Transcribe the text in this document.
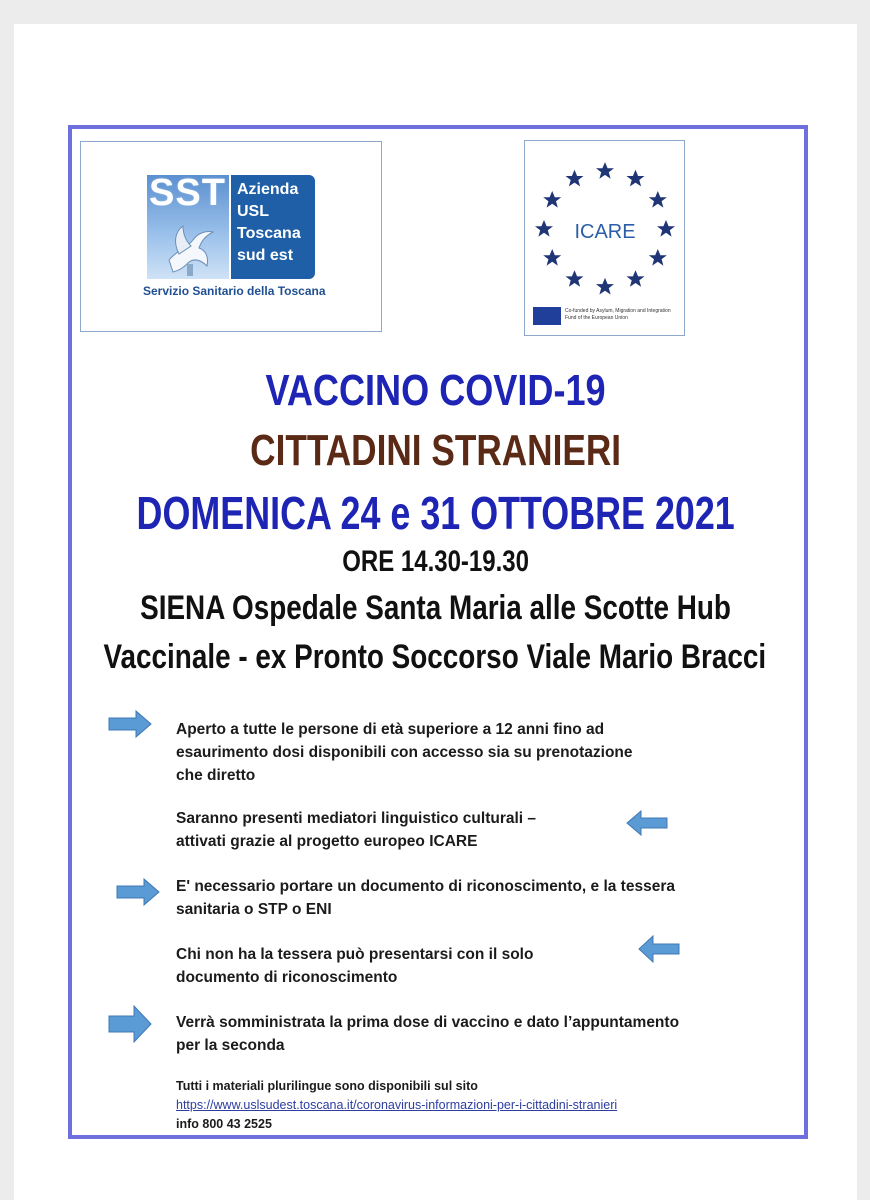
SST Azienda
USL
Toscana
sud est
Servizio Sanitario della Toscana
ICARE
Co-funded by Asylum, Migration and Integration Fund of the European Union
VACCINO COVID-19
CITTADINI STRANIERI
DOMENICA 24 e 31 OTTOBRE 2021
ORE 14.30-19.30
SIENA Ospedale Santa Maria alle Scotte Hub
Vaccinale - ex Pronto Soccorso Viale Mario Bracci
Aperto a tutte le persone di età superiore a 12 anni fino ad
esaurimento dosi disponibili con accesso sia su prenotazione
che diretto
Saranno presenti mediatori linguistico culturali –
attivati grazie al progetto europeo ICARE
E' necessario portare un documento di riconoscimento, e la tessera
sanitaria o STP o ENI
Chi non ha la tessera può presentarsi con il solo
documento di riconoscimento
Verrà somministrata la prima dose di vaccino e dato l’appuntamento
per la seconda
Tutti i materiali plurilingue sono disponibili sul sito
https://www.uslsudest.toscana.it/coronavirus-informazioni-per-i-cittadini-stranieri
info 800 43 2525
